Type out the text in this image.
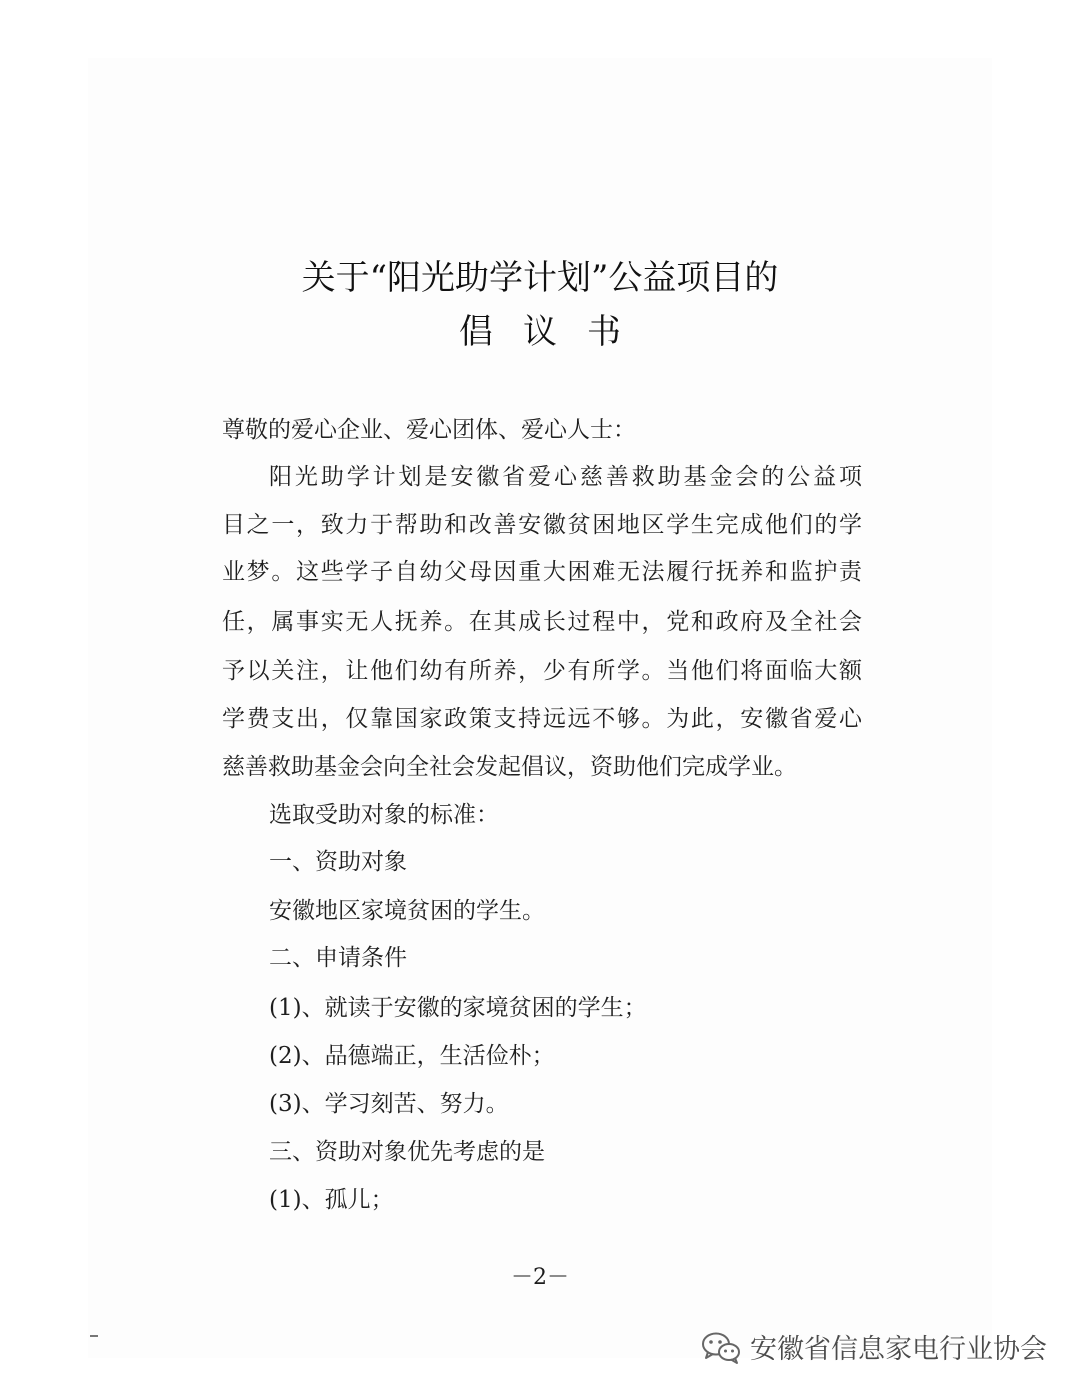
关于“阳光助学计划”公益项目的
倡议书
尊敬的爱心企业、爱心团体、爱心人士：
阳光助学计划是安徽省爱心慈善救助基金会的公益项
目之一，致力于帮助和改善安徽贫困地区学生完成他们的学
业梦。这些学子自幼父母因重大困难无法履行抚养和监护责
任，属事实无人抚养。在其成长过程中，党和政府及全社会
予以关注，让他们幼有所养，少有所学。当他们将面临大额
学费支出，仅靠国家政策支持远远不够。为此，安徽省爱心
慈善救助基金会向全社会发起倡议，资助他们完成学业。
选取受助对象的标准：
一、资助对象
安徽地区家境贫困的学生。
二、申请条件
(1)、就读于安徽的家境贫困的学生；
(2)、品德端正，生活俭朴；
(3)、学习刻苦、努力。
三、资助对象优先考虑的是
(1)、孤儿；
－2－
安徽省信息家电行业协会
